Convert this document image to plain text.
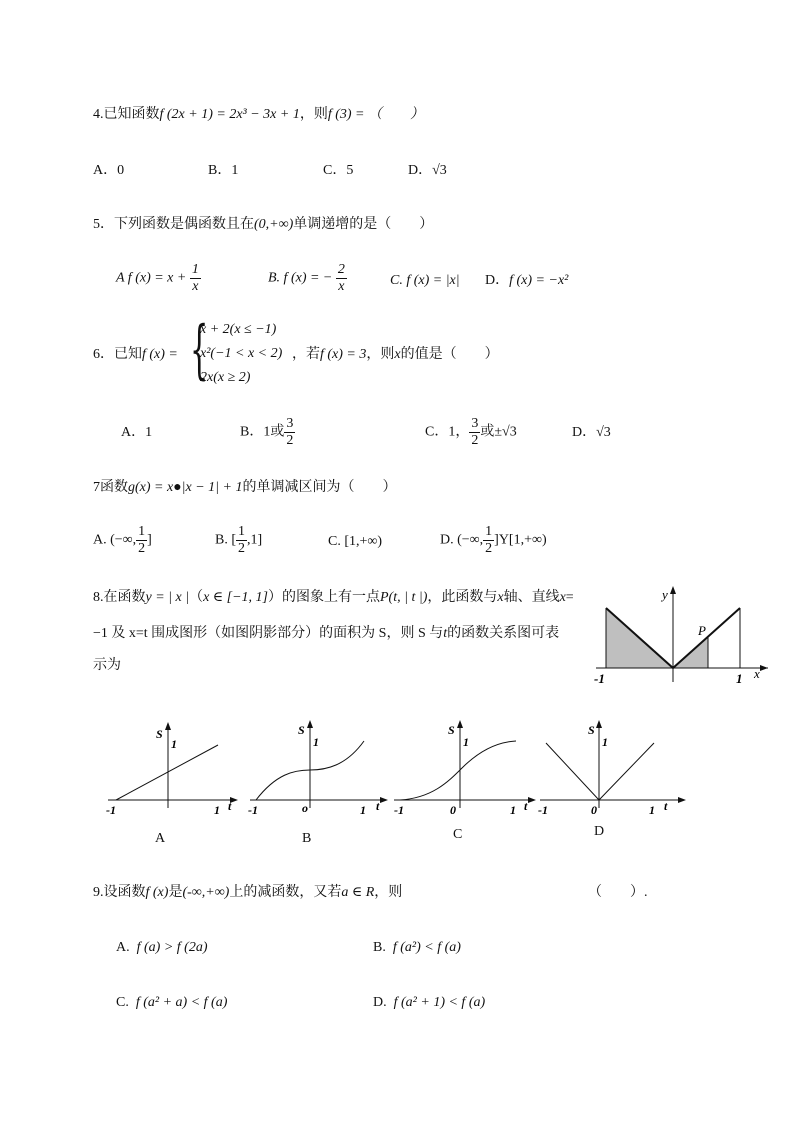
4.已知函数f (2x + 1) = 2x³ − 3x + 1，则f (3) = （　　）
A．0	B．1	C．5	D．√3
5．下列函数是偶函数且在(0,+∞)单调递增的是（　　）
A f $(x) = x + \frac{1}{x}$	B. f (x) = − $\frac{2}{x}$	C. f (x) = |x| D．f (x) = −x²
6．已知f (x) = {
x + 2(x ≤ −1)
x²(−1 < x < 2)
2x(x ≥ 2)
，若f (x) = 3，则x的值是（　　）
A．1	B．1或 $\frac{3}{2}$	C．1， $\frac{3}{2}$ 或±√3	D．√3
7函数g(x) = x●|x − 1| + 1的单调减区间为（　　）
A. (−∞, $\frac{1}{2}$ ]	B. [ $\frac{1}{2} ,1$]	C. [1,+∞)	D. (−∞, $\frac{1}{2} ]Y[1,+\infty)$
8.在函数y = | x |（x ∈ [−1, 1]）的图象上有一点P(t, | t |)，此函数与x轴、直线x=
−1 及 x=t 围成图形（如图阴影部分）的面积为 S，则 S 与t的函数关系图可表
示为
y
x
P
-1	1
S
1
t
-1	1
A
S
1
t
-1	1
o
B
S
1
t
-1	1
0
C
S
1
t
-1	1
0
D
9.设函数f (x)是(-∞,+∞)上的减函数，又若a ∈ R，则	（　　）.
A. f (a) > f (2a)	B. f (a²) < f (a)
C. f (a² + a) < f (a)	D. f (a² + 1) < f (a)
